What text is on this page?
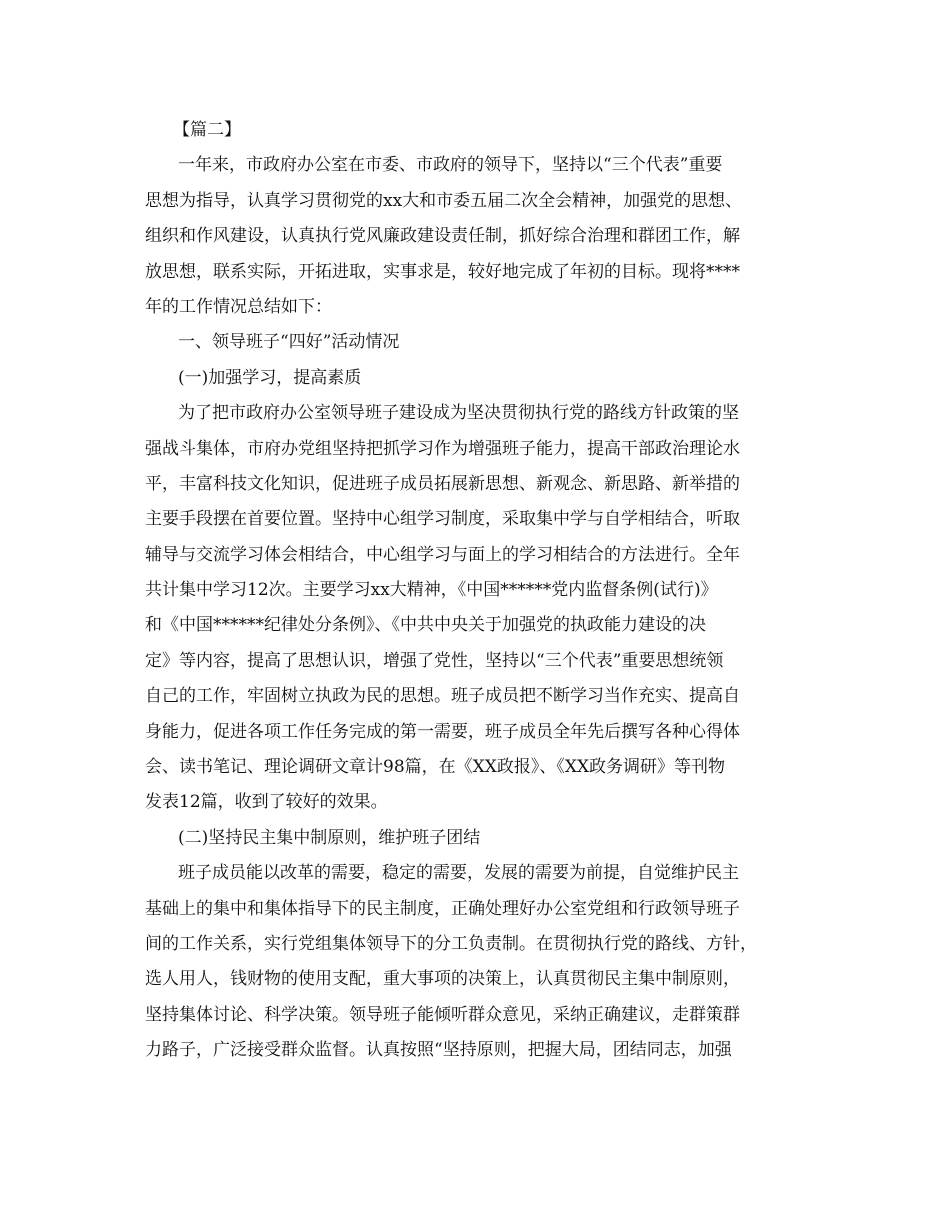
【篇二】
一年来，市政府办公室在市委、市政府的领导下，坚持以“三个代表”重要
思想为指导，认真学习贯彻党的xx大和市委五届二次全会精神，加强党的思想、
组织和作风建设，认真执行党风廉政建设责任制，抓好综合治理和群团工作，解
放思想，联系实际，开拓进取，实事求是，较好地完成了年初的目标。现将****
年的工作情况总结如下：
一、领导班子“四好”活动情况
(一)加强学习，提高素质
为了把市政府办公室领导班子建设成为坚决贯彻执行党的路线方针政策的坚
强战斗集体，市府办党组坚持把抓学习作为增强班子能力，提高干部政治理论水
平，丰富科技文化知识，促进班子成员拓展新思想、新观念、新思路、新举措的
主要手段摆在首要位置。坚持中心组学习制度，采取集中学与自学相结合，听取
辅导与交流学习体会相结合，中心组学习与面上的学习相结合的方法进行。全年
共计集中学习12次。主要学习xx大精神，《中国******党内监督条例(试行)》
和《中国******纪律处分条例》、《中共中央关于加强党的执政能力建设的决
定》等内容，提高了思想认识，增强了党性，坚持以“三个代表”重要思想统领
自己的工作，牢固树立执政为民的思想。班子成员把不断学习当作充实、提高自
身能力，促进各项工作任务完成的第一需要，班子成员全年先后撰写各种心得体
会、读书笔记、理论调研文章计98篇，在《XX政报》、《XX政务调研》等刊物
发表12篇，收到了较好的效果。
(二)坚持民主集中制原则，维护班子团结
班子成员能以改革的需要，稳定的需要，发展的需要为前提，自觉维护民主
基础上的集中和集体指导下的民主制度，正确处理好办公室党组和行政领导班子
间的工作关系，实行党组集体领导下的分工负责制。在贯彻执行党的路线、方针，
选人用人，钱财物的使用支配，重大事项的决策上，认真贯彻民主集中制原则，
坚持集体讨论、科学决策。领导班子能倾听群众意见，采纳正确建议，走群策群
力路子，广泛接受群众监督。认真按照“坚持原则，把握大局，团结同志，加强
